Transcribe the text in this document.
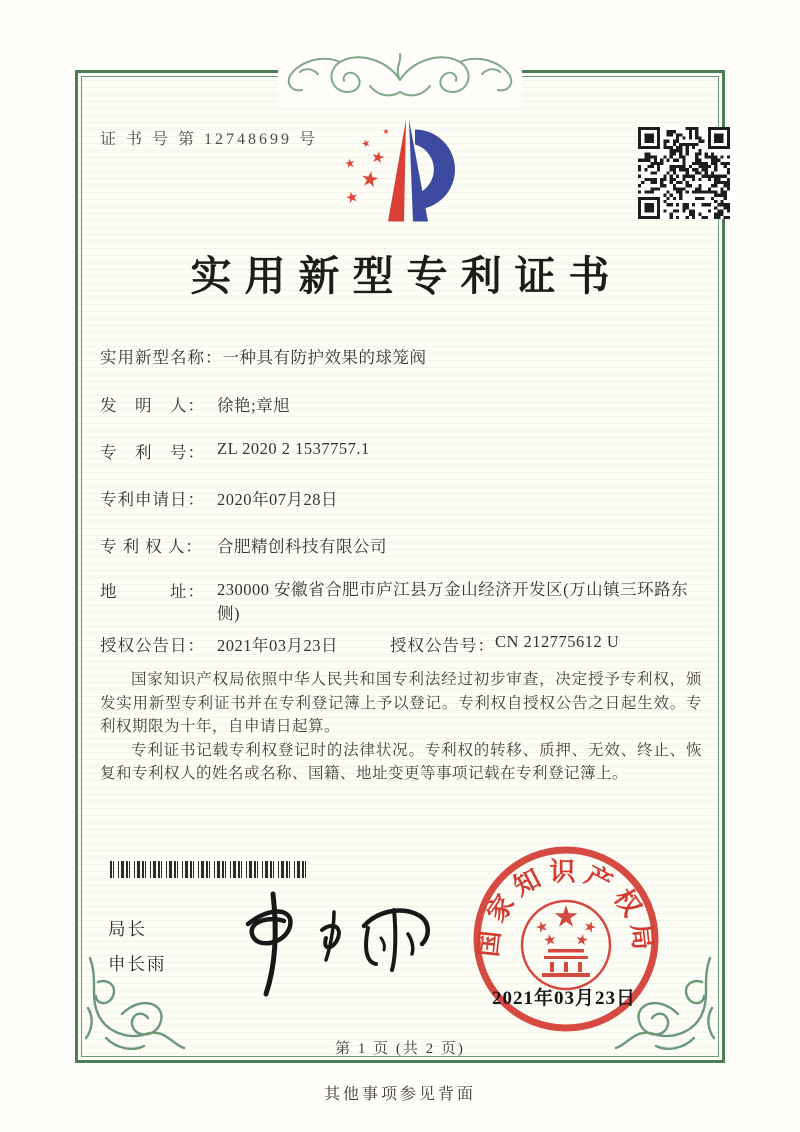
证 书 号 第 12748699 号
实用新型专利证书
实用新型名称：一种具有防护效果的球笼阀
发　明　人： 徐艳;章旭
专　利　号： ZL 2020 2 1537757.1
专利申请日： 2020年07月28日
专 利 权 人： 合肥精创科技有限公司
地　　　址： 230000 安徽省合肥市庐江县万金山经济开发区(万山镇三环路东侧)
授权公告日： 2021年03月23日	授权公告号：CN 212775612 U

国家知识产权局依照中华人民共和国专利法经过初步审查，决定授予专利权，颁发实用新型专利证书并在专利登记簿上予以登记。专利权自授权公告之日起生效。专利权期限为十年，自申请日起算。

专利证书记载专利权登记时的法律状况。专利权的转移、质押、无效、终止、恢复和专利权人的姓名或名称、国籍、地址变更等事项记载在专利登记簿上。

局长
申长雨
国家知识产权局
2021年03月23日
第 1 页 (共 2 页)
其他事项参见背面
